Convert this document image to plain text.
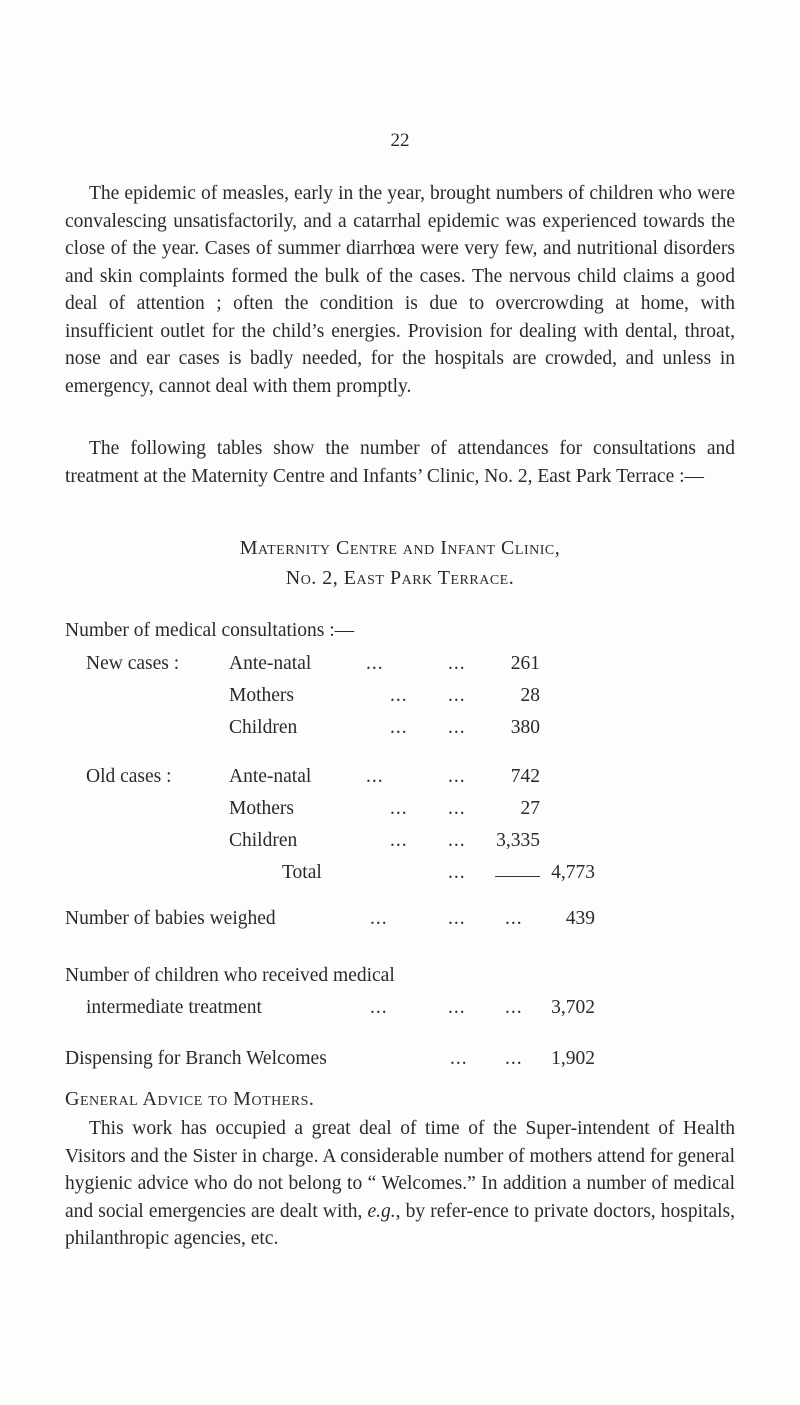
22

The epidemic of measles, early in the year, brought numbers of children who were convalescing unsatisfactorily, and a catarrhal epidemic was experienced towards the close of the year. Cases of summer diarrhœa were very few, and nutritional disorders and skin complaints formed the bulk of the cases. The nervous child claims a good deal of attention ; often the condition is due to overcrowding at home, with insufficient outlet for the child’s energies. Provision for dealing with dental, throat, nose and ear cases is badly needed, for the hospitals are crowded, and unless in emergency, cannot deal with them promptly.

The following tables show the number of attendances for consultations and treatment at the Maternity Centre and Infants’ Clinic, No. 2, East Park Terrace :—

Maternity Centre and Infant Clinic,
No. 2, East Park Terrace.
Number of medical consultations :—
New cases :	Ante-natal	...	...	261
Mothers	... ...	28
Children	... ...	380
Old cases :	Ante-natal	...	...	742
Mothers	... ...	27
Children	... ...	3,335
Total	...	4,773
Number of babies weighed	...	... ...	439
Number of children who received medical
intermediate treatment	...	... ...	3,702
Dispensing for Branch Welcomes	... ...	1,902
General Advice to Mothers.

This work has occupied a great deal of time of the Super-intendent of Health Visitors and the Sister in charge. A considerable number of mothers attend for general hygienic advice who do not belong to “ Welcomes.” In addition a number of medical and social emergencies are dealt with, e.g., by refer-ence to private doctors, hospitals, philanthropic agencies, etc.
